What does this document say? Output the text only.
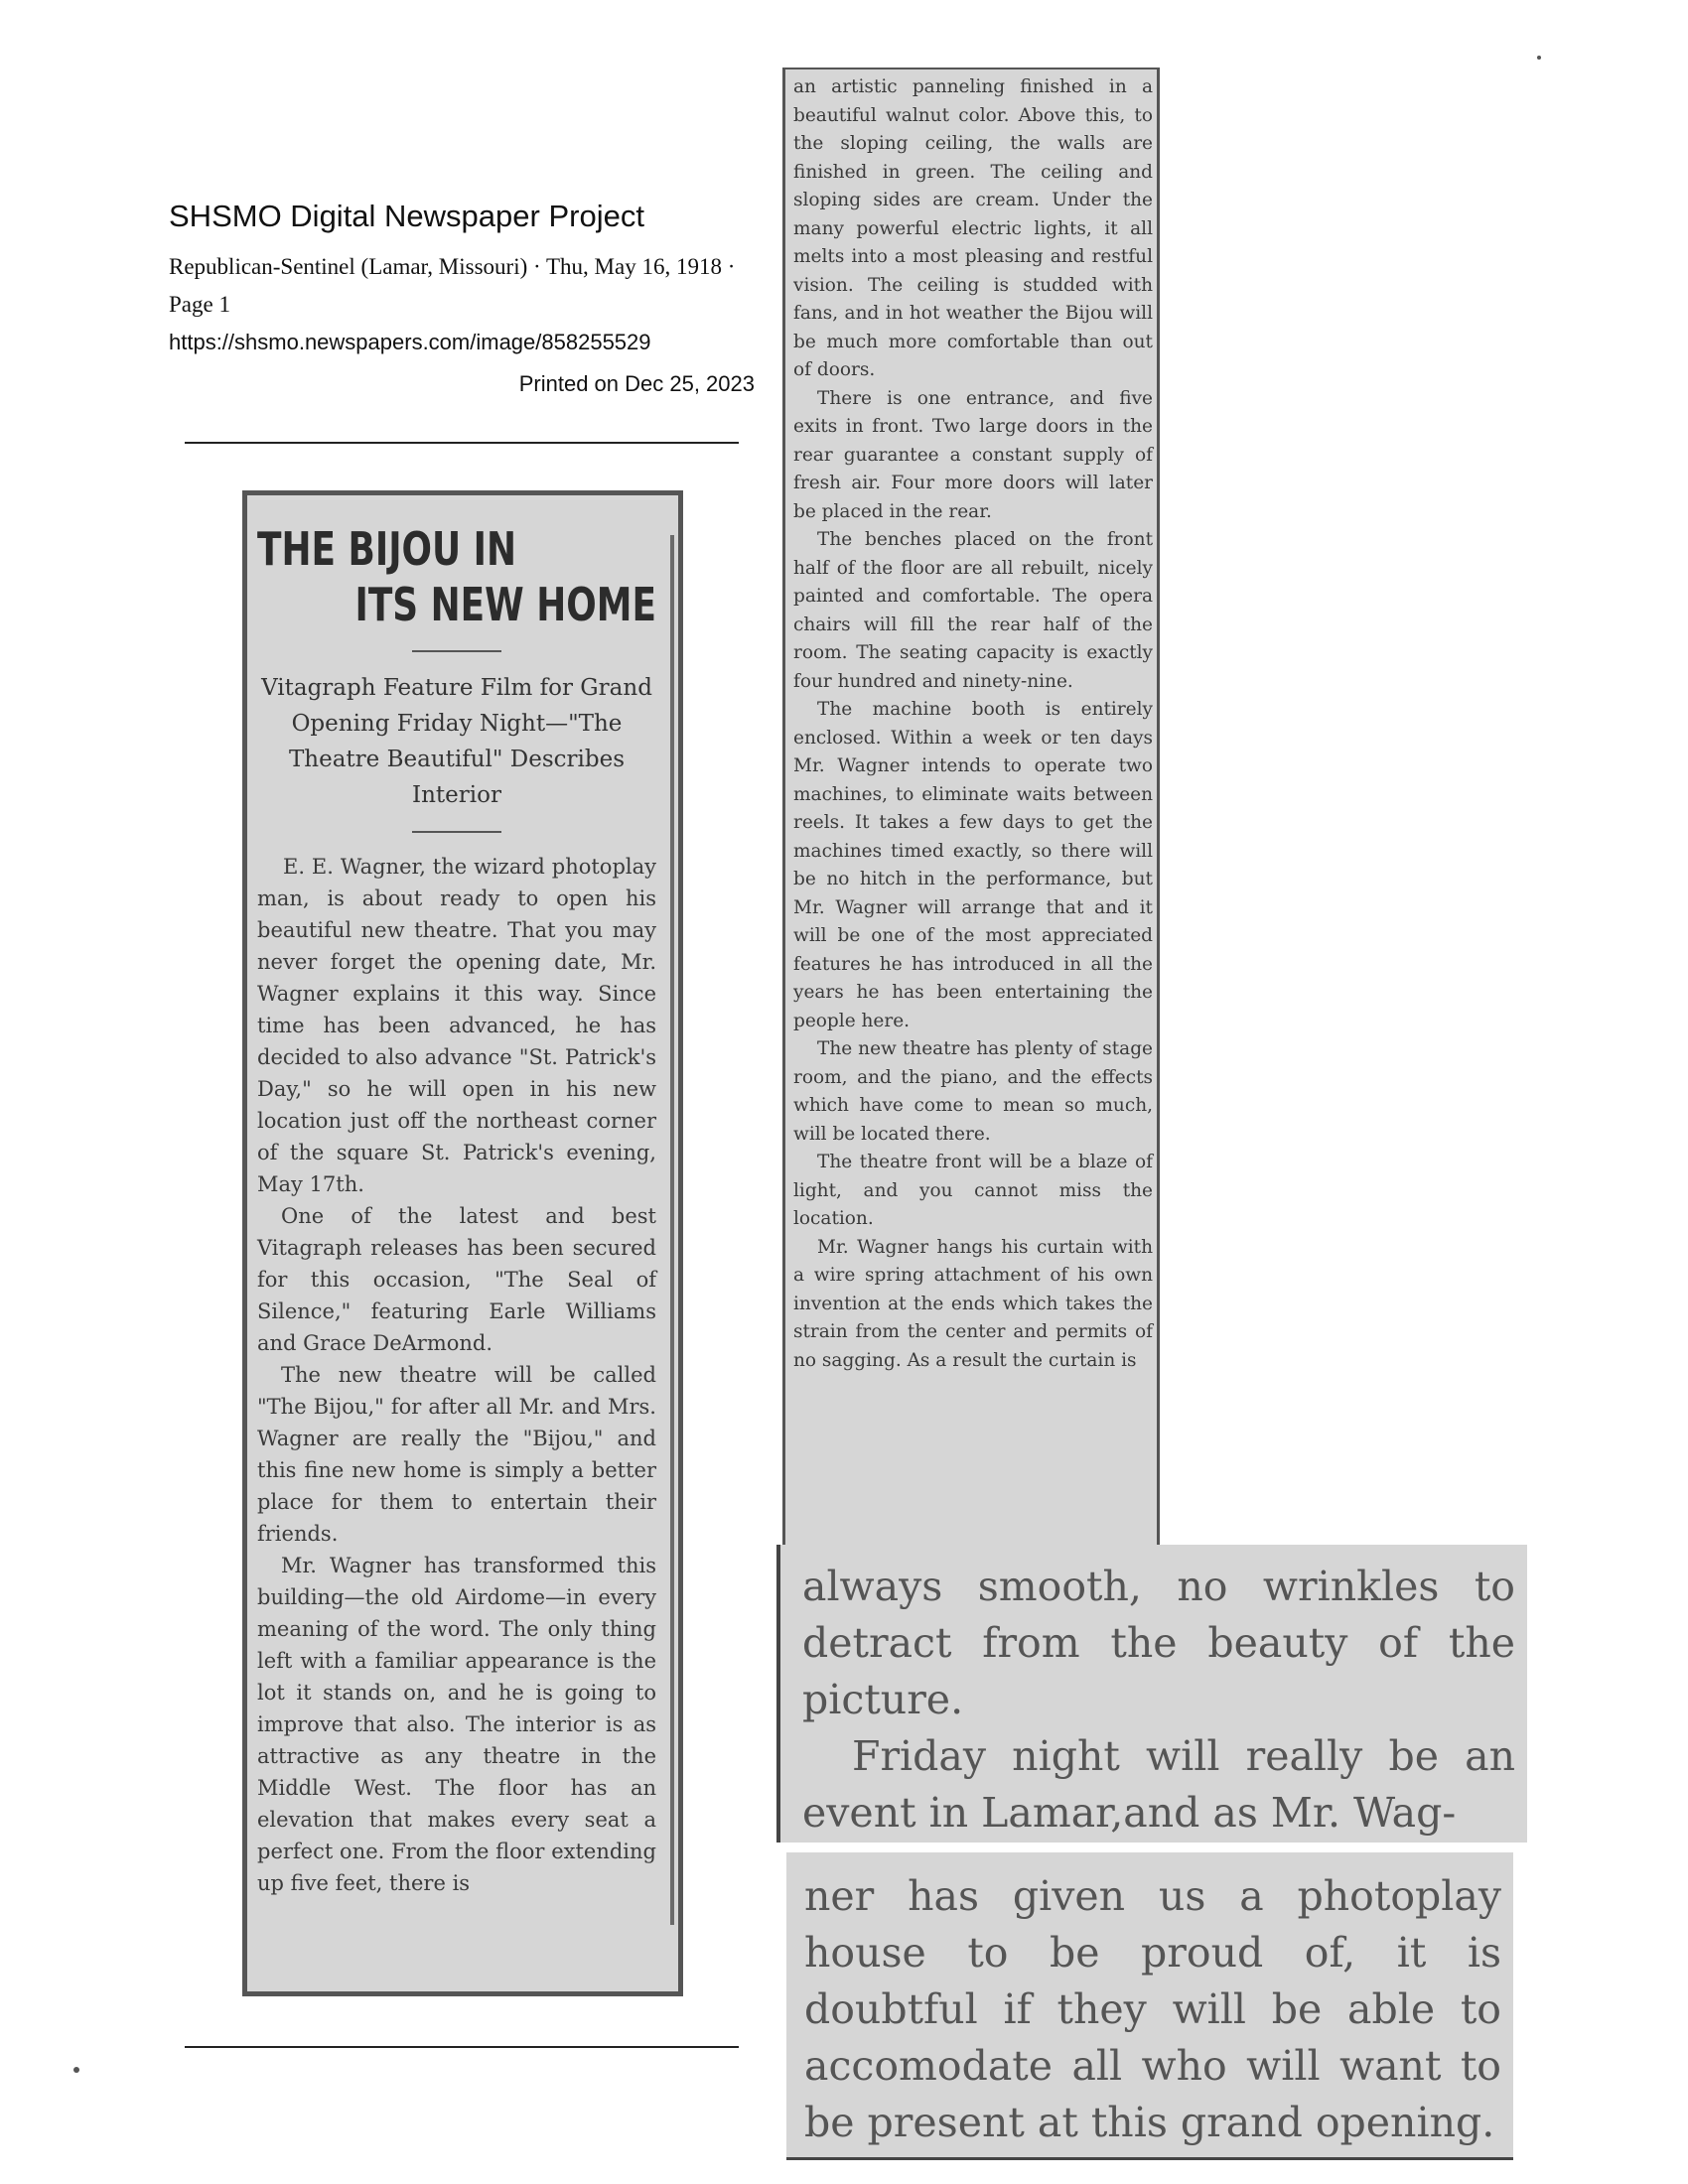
SHSMO Digital Newspaper Project
Republican-Sentinel (Lamar, Missouri) · Thu, May 16, 1918 · Page 1
https://shsmo.newspapers.com/image/858255529
Printed on Dec 25, 2023
THE BIJOU IN
ITS NEW HOME
Vitagraph Feature Film for Grand Opening Friday Night—"The Theatre Beautiful" Describes Interior

E. E. Wagner, the wizard photoplay man, is about ready to open his beautiful new theatre. That you may never forget the opening date, Mr. Wagner explains it this way. Since time has been advanced, he has decided to also advance "St. Patrick's Day," so he will open in his new location just off the northeast corner of the square St. Patrick's evening, May 17th.

One of the latest and best Vitagraph releases has been secured for this occasion, "The Seal of Silence," featuring Earle Williams and Grace DeArmond.

The new theatre will be called "The Bijou," for after all Mr. and Mrs. Wagner are really the "Bijou," and this fine new home is simply a better place for them to entertain their friends.

Mr. Wagner has transformed this building—the old Airdome—in every meaning of the word. The only thing left with a familiar appearance is the lot it stands on, and he is going to improve that also. The interior is as attractive as any theatre in the Middle West. The floor has an elevation that makes every seat a perfect one. From the floor extending up five feet, there is

an artistic panneling finished in a beautiful walnut color. Above this, to the sloping ceiling, the walls are finished in green. The ceiling and sloping sides are cream. Under the many powerful electric lights, it all melts into a most pleasing and restful vision. The ceiling is studded with fans, and in hot weather the Bijou will be much more comfortable than out of doors.

There is one entrance, and five exits in front. Two large doors in the rear guarantee a constant supply of fresh air. Four more doors will later be placed in the rear.

The benches placed on the front half of the floor are all rebuilt, nicely painted and comfortable. The opera chairs will fill the rear half of the room. The seating capacity is exactly four hundred and ninety-nine.

The machine booth is entirely enclosed. Within a week or ten days Mr. Wagner intends to operate two machines, to eliminate waits between reels. It takes a few days to get the machines timed exactly, so there will be no hitch in the performance, but Mr. Wagner will arrange that and it will be one of the most appreciated features he has introduced in all the years he has been entertaining the people here.

The new theatre has plenty of stage room, and the piano, and the effects which have come to mean so much, will be located there.

The theatre front will be a blaze of light, and you cannot miss the location.

Mr. Wagner hangs his curtain with a wire spring attachment of his own invention at the ends which takes the strain from the center and permits of no sagging. As a result the curtain is

always smooth, no wrinkles to detract from the beauty of the picture.

Friday night will really be an event in Lamar,and as Mr. Wag-

ner has given us a photoplay house to be proud of, it is doubtful if they will be able to accomodate all who will want to be present at this grand opening.
